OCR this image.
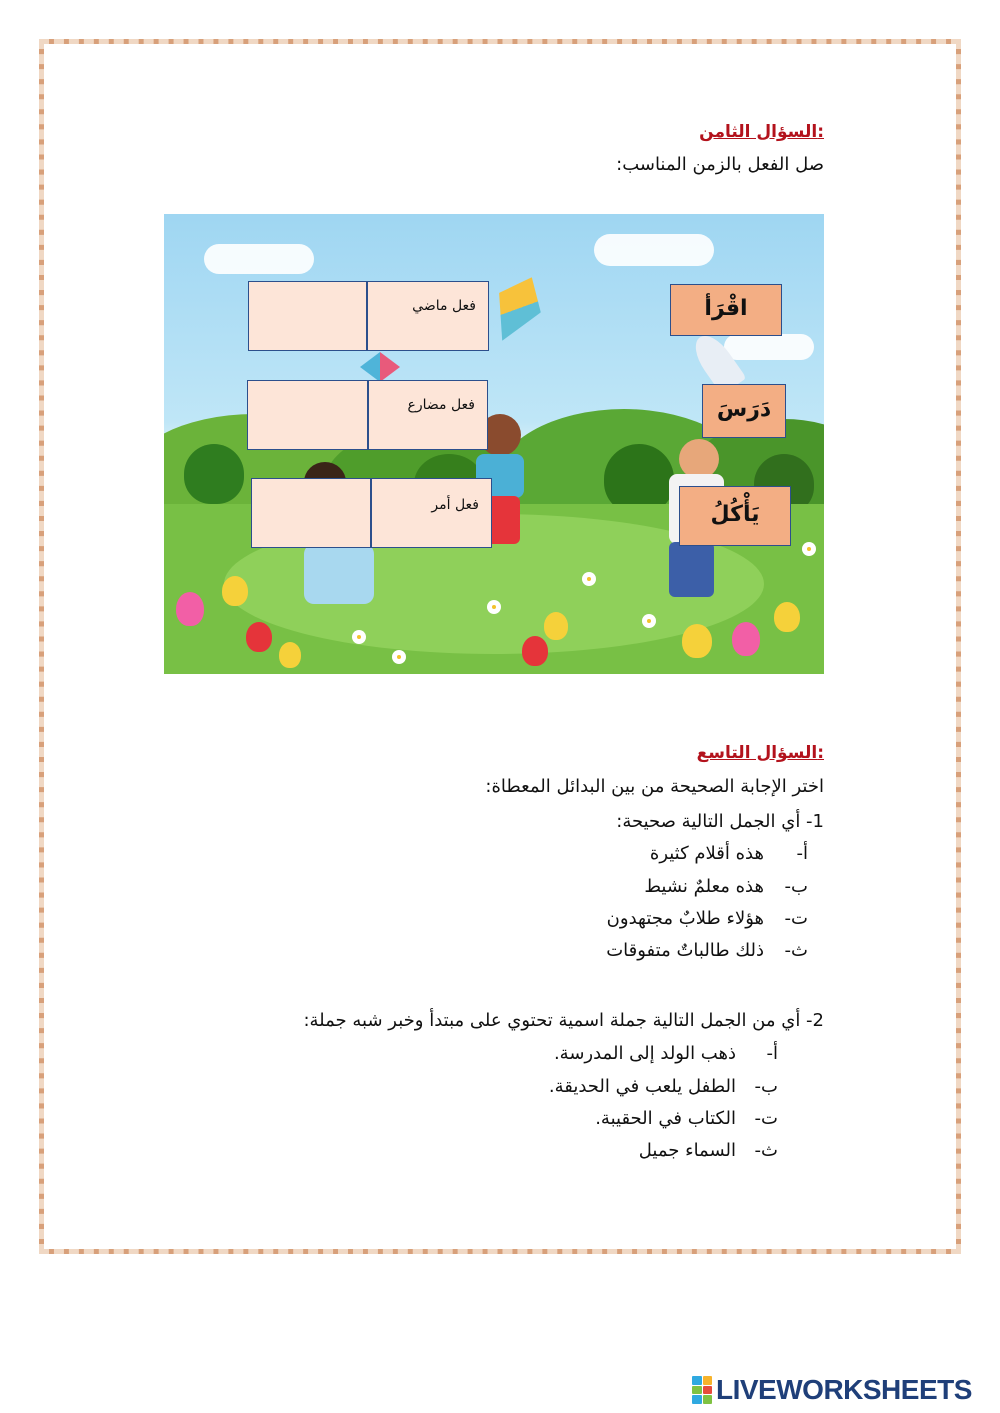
السؤال الثامن:
صل الفعل بالزمن المناسب:
فعل ماضي
فعل مضارع
فعل أمر
اقْرَأ
دَرَسَ
يَأْكُلُ
السؤال التاسع:
اختر الإجابة الصحيحة من بين البدائل المعطاة:
1- أي الجمل التالية صحيحة:
أ-
هذه أقلام كثيرة
ب-
هذه معلمٌ نشيط
ت-
هؤلاء طلابٌ مجتهدون
ث-
ذلك طالباتٌ متفوقات
2- أي من الجمل التالية جملة اسمية تحتوي على مبتدأ وخبر شبه جملة:
أ-
ذهب الولد إلى المدرسة.
ب-
الطفل يلعب في الحديقة.
ت-
الكتاب في الحقيبة.
ث-
السماء جميل
LIVEWORKSHEETS
